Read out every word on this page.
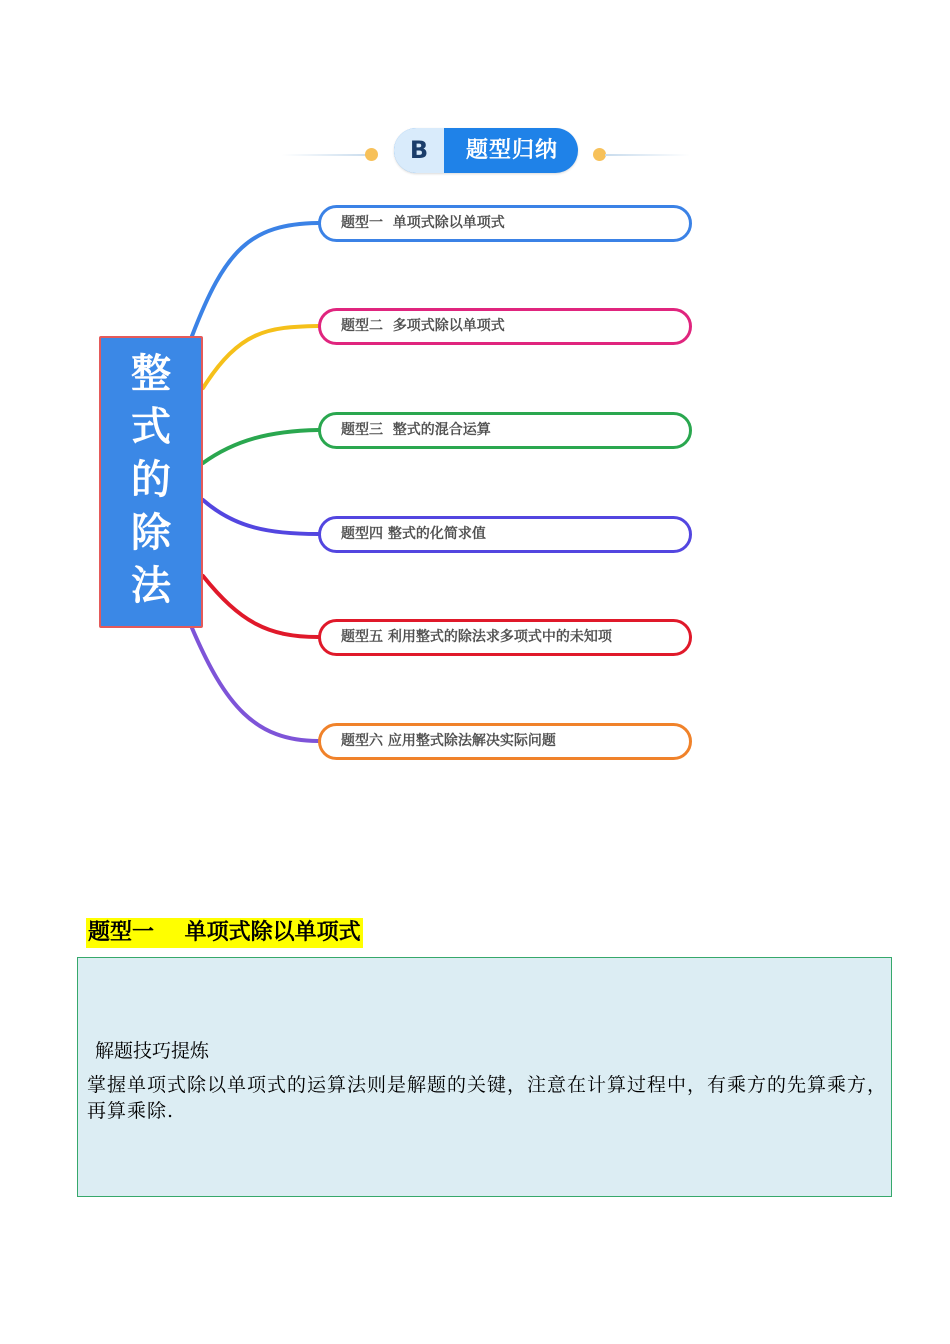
B	题型归纳
整
式
的
除
法
题型一  单项式除以单项式
题型二  多项式除以单项式
题型三  整式的混合运算
题型四 整式的化简求值
题型五 利用整式的除法求多项式中的未知项
题型六 应用整式除法解决实际问题
题型一    单项式除以单项式
解题技巧提炼
掌握单项式除以单项式的运算法则是解题的关键，注意在计算过程中，有乘方的先算乘方，再算乘除.
